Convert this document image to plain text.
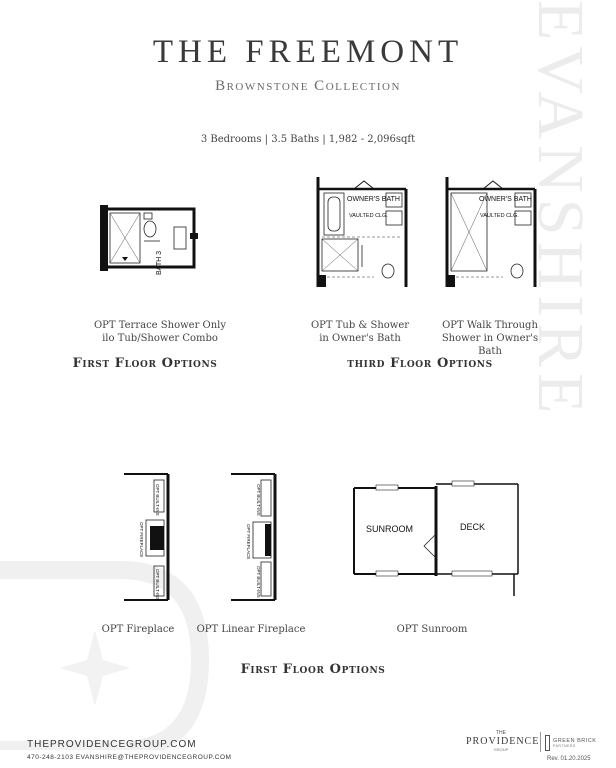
EVANSHIRE
THE FREEMONT
Brownstone Collection
3 Bedrooms | 3.5 Baths | 1,982 - 2,096sqft
BATH 3
OWNER'S BATH
VAULTED CLG.
OWNER'S BATH
VAULTED CLG.
OPT Terrace Shower Only
ilo Tub/Shower Combo
OPT Tub & Shower
in Owner's Bath
OPT Walk Through
Shower in Owner's Bath
First Floor Options	third Floor Options
OPT BUILT-INS
OPT FIREPLACE
OPT BUILT-INS
OPT BUILT-INS
OPT FIREPLACE
OPT BUILT-INS
SUNROOM	DECK
OPT Fireplace	OPT Linear Fireplace	OPT Sunroom
First Floor Options
THEPROVIDENCEGROUP.COM
470-248-2103 EVANSHIRE@THEPROVIDENCEGROUP.COM
THE
PROVIDENCE
GROUP
GREEN BRICK
PARTNERS
Rev. 01.20.2025
